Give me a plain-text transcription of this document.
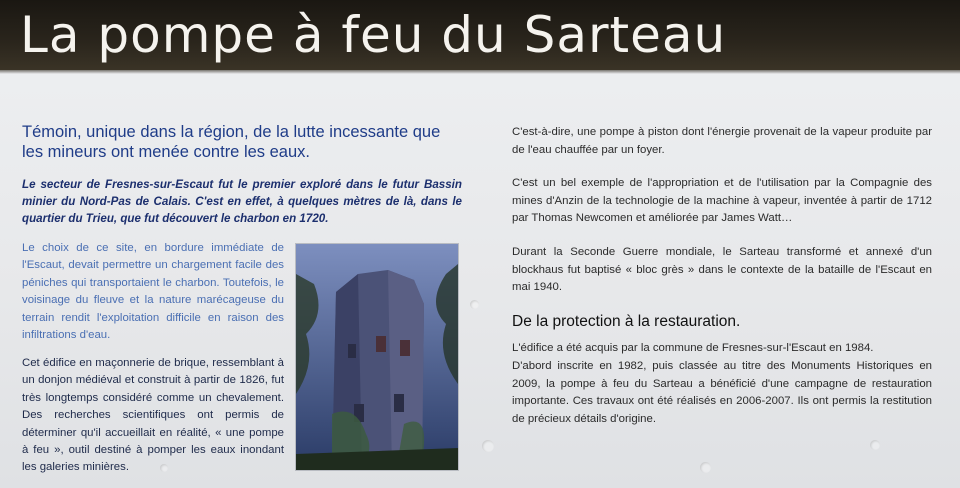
La pompe à feu du Sarteau

Témoin, unique dans la région, de la lutte incessante que les mineurs ont menée contre les eaux.

Le secteur de Fresnes-sur-Escaut fut le premier exploré dans le futur Bassin minier du Nord-Pas de Calais. C'est en effet, à quelques mètres de là, dans le quartier du Trieu, que fut découvert le charbon en 1720.

Le choix de ce site, en bordure immédiate de l'Escaut, devait permettre un chargement facile des péniches qui transportaient le charbon. Toutefois, le voisinage du fleuve et la nature marécageuse du terrain rendit l'exploitation difficile en raison des infiltrations d'eau.

Cet édifice en maçonnerie de brique, ressemblant à un donjon médiéval et construit à partir de 1826, fut très longtemps considéré comme un chevalement. Des recherches scientifiques ont permis de déterminer qu'il accueillait en réalité, « une pompe à feu », outil destiné à pomper les eaux inondant les galeries minières.

C'est-à-dire, une pompe à piston dont l'énergie provenait de la vapeur produite par de l'eau chauffée par un foyer.

C'est un bel exemple de l'appropriation et de l'utilisation par la Compagnie des mines d'Anzin de la technologie de la machine à vapeur, inventée à partir de 1712 par Thomas Newcomen et améliorée par James Watt…

Durant la Seconde Guerre mondiale, le Sarteau transformé et annexé d'un blockhaus fut baptisé « bloc grès » dans le contexte de la bataille de l'Escaut en mai 1940.

De la protection à la restauration.

L'édifice a été acquis par la commune de Fresnes-sur-l'Escaut en 1984.

D'abord inscrite en 1982, puis classée au titre des Monuments Historiques en 2009, la pompe à feu du Sarteau a bénéficié d'une campagne de restauration importante. Ces travaux ont été réalisés en 2006-2007. Ils ont permis la restitution de précieux détails d'origine.
